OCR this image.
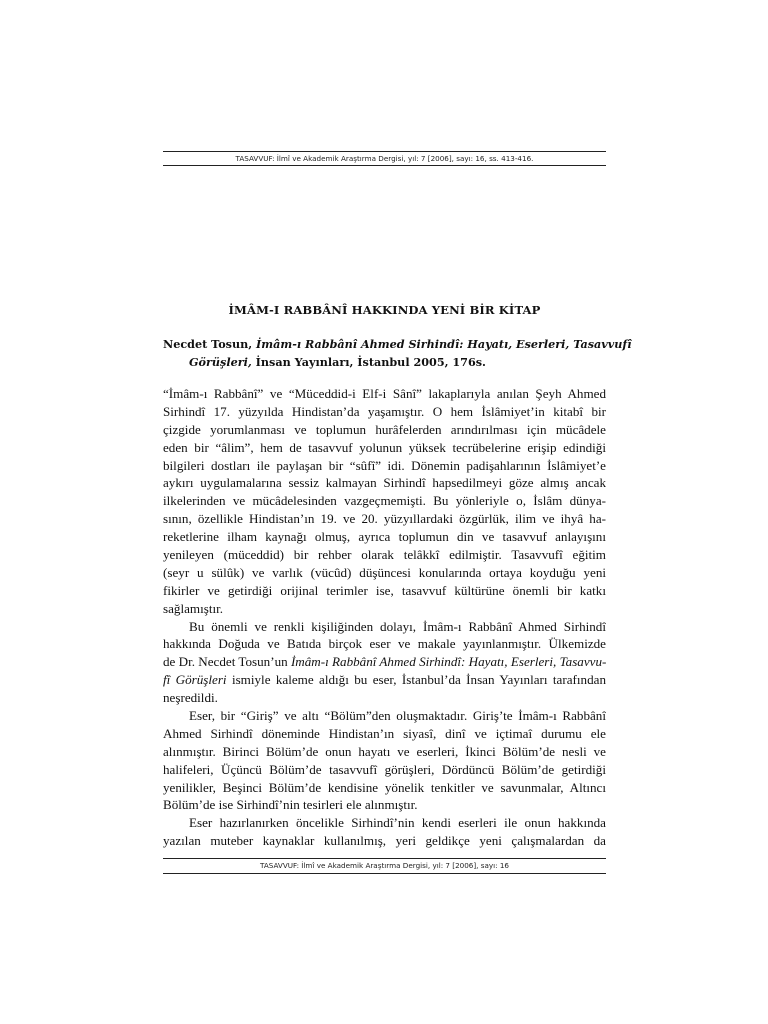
TASAVVUF: İlmî ve Akademik Araştırma Dergisi, yıl: 7 [2006], sayı: 16, ss. 413-416.
İMÂM-I RABBÂNÎ HAKKINDA YENİ BİR KİTAP
Necdet Tosun, İmâm-ı Rabbânî Ahmed Sirhindî: Hayatı, Eserleri, Tasavvufî
Görüşleri, İnsan Yayınları, İstanbul 2005, 176s.
“İmâm-ı Rabbânî” ve “Müceddid-i Elf-i Sânî” lakaplarıyla anılan Şeyh Ahmed
Sirhindî 17. yüzyılda Hindistan’da yaşamıştır. O hem İslâmiyet’in kitabî bir
çizgide yorumlanması ve toplumun hurâfelerden arındırılması için mücâdele
eden bir “âlim”, hem de tasavvuf yolunun yüksek tecrübelerine erişip edindiği
bilgileri dostları ile paylaşan bir “sûfî” idi. Dönemin padişahlarının İslâmiyet’e
aykırı uygulamalarına sessiz kalmayan Sirhindî hapsedilmeyi göze almış ancak
ilkelerinden ve mücâdelesinden vazgeçmemişti. Bu yönleriyle o, İslâm dünya-
sının, özellikle Hindistan’ın 19. ve 20. yüzyıllardaki özgürlük, ilim ve ihyâ ha-
reketlerine ilham kaynağı olmuş, ayrıca toplumun din ve tasavvuf anlayışını
yenileyen (müceddid) bir rehber olarak telâkkî edilmiştir. Tasavvufî eğitim
(seyr u sülûk) ve varlık (vücûd) düşüncesi konularında ortaya koyduğu yeni
fikirler ve getirdiği orijinal terimler ise, tasavvuf kültürüne önemli bir katkı
sağlamıştır.
Bu önemli ve renkli kişiliğinden dolayı, İmâm-ı Rabbânî Ahmed Sirhindî
hakkında Doğuda ve Batıda birçok eser ve makale yayınlanmıştır. Ülkemizde
de Dr. Necdet Tosun’un İmâm-ı Rabbânî Ahmed Sirhindî: Hayatı, Eserleri, Tasavvu-
fî Görüşleri ismiyle kaleme aldığı bu eser, İstanbul’da İnsan Yayınları tarafından
neşredildi.
Eser, bir “Giriş” ve altı “Bölüm”den oluşmaktadır. Giriş’te İmâm-ı Rabbânî
Ahmed Sirhindî döneminde Hindistan’ın siyasî, dinî ve içtimaî durumu ele
alınmıştır. Birinci Bölüm’de onun hayatı ve eserleri, İkinci Bölüm’de nesli ve
halifeleri, Üçüncü Bölüm’de tasavvufî görüşleri, Dördüncü Bölüm’de getirdiği
yenilikler, Beşinci Bölüm’de kendisine yönelik tenkitler ve savunmalar, Altıncı
Bölüm’de ise Sirhindî’nin tesirleri ele alınmıştır.
Eser hazırlanırken öncelikle Sirhindî’nin kendi eserleri ile onun hakkında
yazılan muteber kaynaklar kullanılmış, yeri geldikçe yeni çalışmalardan da
TASAVVUF: İlmî ve Akademik Araştırma Dergisi, yıl: 7 [2006], sayı: 16
